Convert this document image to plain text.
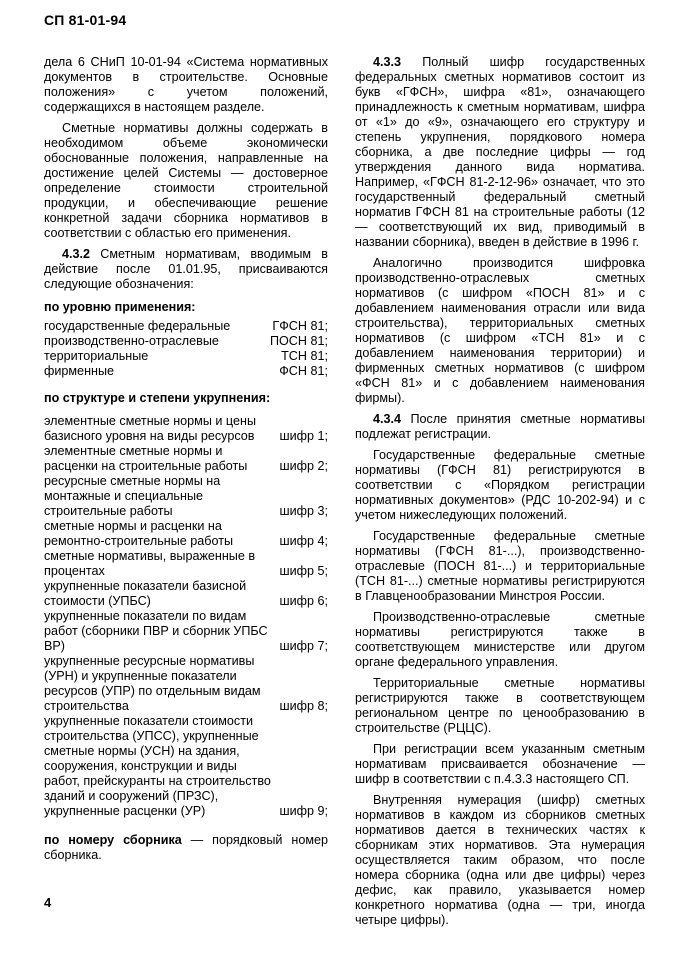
СП 81-01-94

дела 6 СНиП 10-01-94 «Система нормативных документов в строительстве. Основные положения» с учетом положений, содержащихся в настоящем разделе.

Сметные нормативы должны содержать в необходимом объеме экономически обоснованные положения, направленные на достижение целей Системы — достоверное определение стоимости строительной продукции, и обеспечивающие решение конкретной задачи сборника нормативов в соответствии с областью его применения.

4.3.2 Сметным нормативам, вводимым в действие после 01.01.95, присваиваются следующие обозначения:

по уровню применения:
государственные федеральные	ГФСН 81;
производственно-отраслевые	ПОСН 81;
территориальные	ТСН 81;
фирменные	ФСН 81;
по структуре и степени укрупнения:
элементные сметные нормы и цены базисного уровня на виды ресурсов	шифр 1;
элементные сметные нормы и расценки на строительные работы	шифр 2;
ресурсные сметные нормы на монтажные и специальные строительные работы	шифр 3;
сметные нормы и расценки на ремонтно-строительные работы	шифр 4;
сметные нормативы, выраженные в процентах	шифр 5;
укрупненные показатели базисной стоимости (УПБС)	шифр 6;
укрупненные показатели по видам работ (сборники ПВР и сборник УПБС ВР)	шифр 7;
укрупненные ресурсные нормативы (УРН) и укрупненные показатели ресурсов (УПР) по отдельным видам строительства	шифр 8;
укрупненные показатели стоимости строительства (УПСС), укрупненные сметные нормы (УСН) на здания, сооружения, конструкции и виды работ, прейскуранты на строительство зданий и сооружений (ПРЗС), укрупненные расценки (УР)	шифр 9;

по номеру сборника — порядковый номер сборника.

4.3.3 Полный шифр государственных федеральных сметных нормативов состоит из букв «ГФСН», шифра «81», означающего принадлежность к сметным нормативам, шифра от «1» до «9», означающего его структуру и степень укрупнения, порядкового номера сборника, а две последние цифры — год утверждения данного вида норматива. Например, «ГФСН 81-2-12-96» означает, что это государственный федеральный сметный норматив ГФСН 81 на строительные работы (12 — соответствующий их вид, приводимый в названии сборника), введен в действие в 1996 г.

Аналогично производится шифровка производственно-отраслевых сметных нормативов (с шифром «ПОСН 81» и с добавлением наименования отрасли или вида строительства), территориальных сметных нормативов (с шифром «ТСН 81» и с добавлением наименования территории) и фирменных сметных нормативов (с шифром «ФСН 81» и с добавлением наименования фирмы).

4.3.4 После принятия сметные нормативы подлежат регистрации.

Государственные федеральные сметные нормативы (ГФСН 81) регистрируются в соответствии с «Порядком регистрации нормативных документов» (РДС 10-202-94) и с учетом нижеследующих положений.

Государственные федеральные сметные нормативы (ГФСН 81-...), производственно-отраслевые (ПОСН 81-...) и территориальные (ТСН 81-...) сметные нормативы регистрируются в Главценообразовании Минстроя России.

Производственно-отраслевые сметные нормативы регистрируются также в соответствующем министерстве или другом органе федерального управления.

Территориальные сметные нормативы регистрируются также в соответствующем региональном центре по ценообразованию в строительстве (РЦЦС).

При регистрации всем указанным сметным нормативам присваивается обозначение — шифр в соответствии с п.4.3.3 настоящего СП.

Внутренняя нумерация (шифр) сметных нормативов в каждом из сборников сметных нормативов дается в технических частях к сборникам этих нормативов. Эта нумерация осуществляется таким образом, что после номера сборника (одна или две цифры) через дефис, как правило, указывается номер конкретного норматива (одна — три, иногда четыре цифры).

4
